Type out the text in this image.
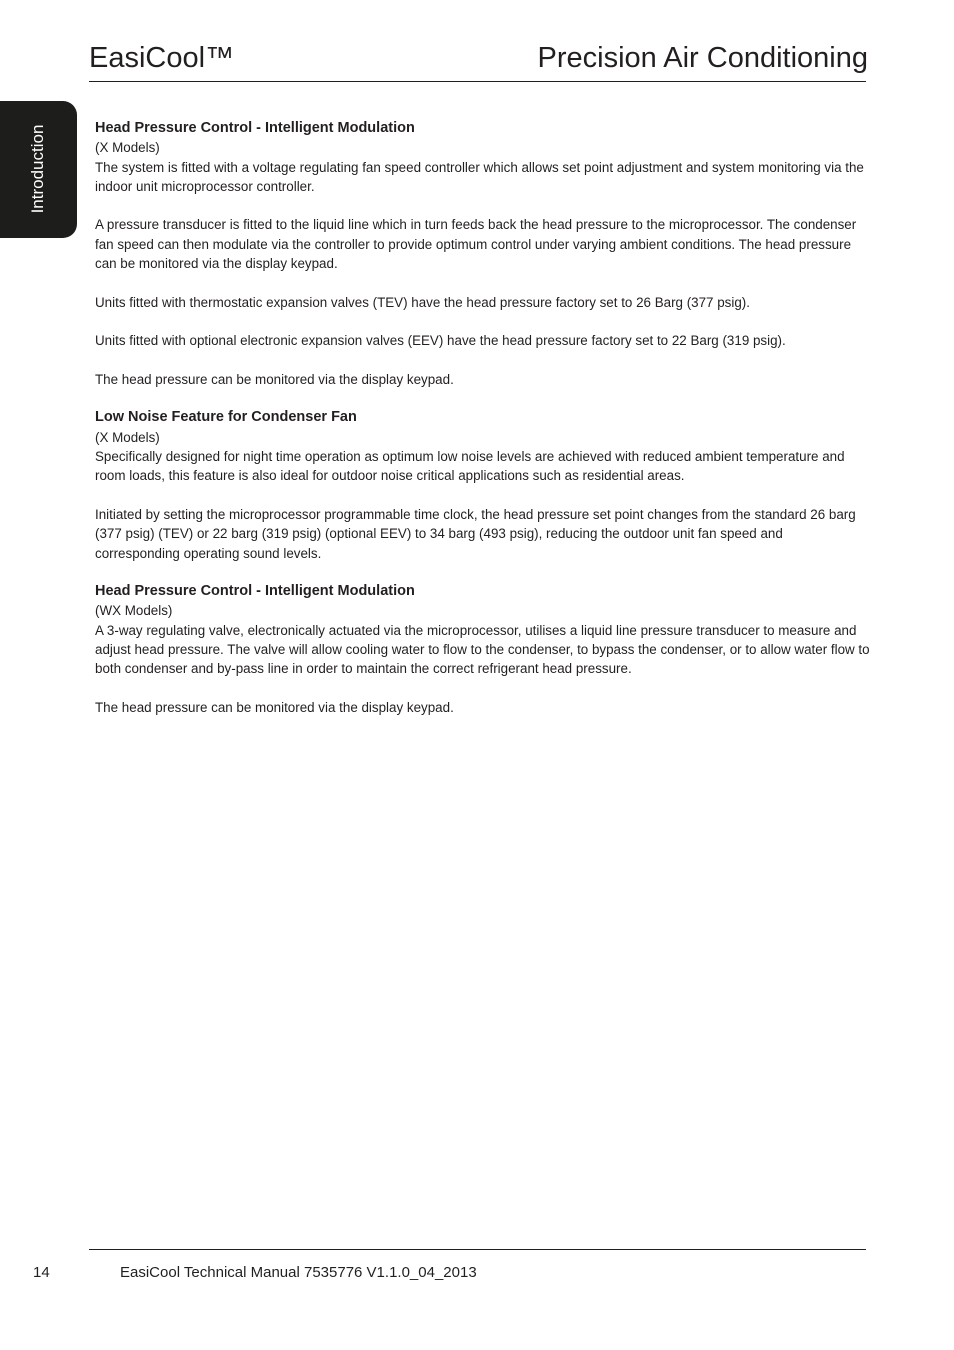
EasiCool™	Precision Air Conditioning
Introduction	Head Pressure Control - Intelligent Modulation

(X Models)

The system is fitted with a voltage regulating fan speed controller which allows set point adjustment and system monitoring via the indoor unit microprocessor controller.

A pressure transducer is fitted to the liquid line which in turn feeds back the head pressure to the microprocessor. The condenser fan speed can then modulate via the controller to provide optimum control under varying ambient conditions. The head pressure can be monitored via the display keypad.

Units fitted with thermostatic expansion valves (TEV) have the head pressure factory set to 26 Barg (377 psig).

Units fitted with optional electronic expansion valves (EEV) have the head pressure factory set to 22 Barg (319 psig).

The head pressure can be monitored via the display keypad.

Low Noise Feature for Condenser Fan

(X Models)

Specifically designed for night time operation as optimum low noise levels are achieved with reduced ambient temperature and room loads, this feature is also ideal for outdoor noise critical applications such as residential areas.

Initiated by setting the microprocessor programmable time clock, the head pressure set point changes from the standard 26 barg (377 psig) (TEV) or 22 barg (319 psig) (optional EEV) to 34 barg (493 psig), reducing the outdoor unit fan speed and corresponding operating sound levels.

Head Pressure Control - Intelligent Modulation

(WX Models)

A 3-way regulating valve, electronically actuated via the microprocessor, utilises a liquid line pressure transducer to measure and adjust head pressure. The valve will allow cooling water to flow to the condenser, to bypass the condenser, or to allow water flow to both condenser and by-pass line in order to maintain the correct refrigerant head pressure.

The head pressure can be monitored via the display keypad.

14	EasiCool Technical Manual 7535776 V1.1.0_04_2013
